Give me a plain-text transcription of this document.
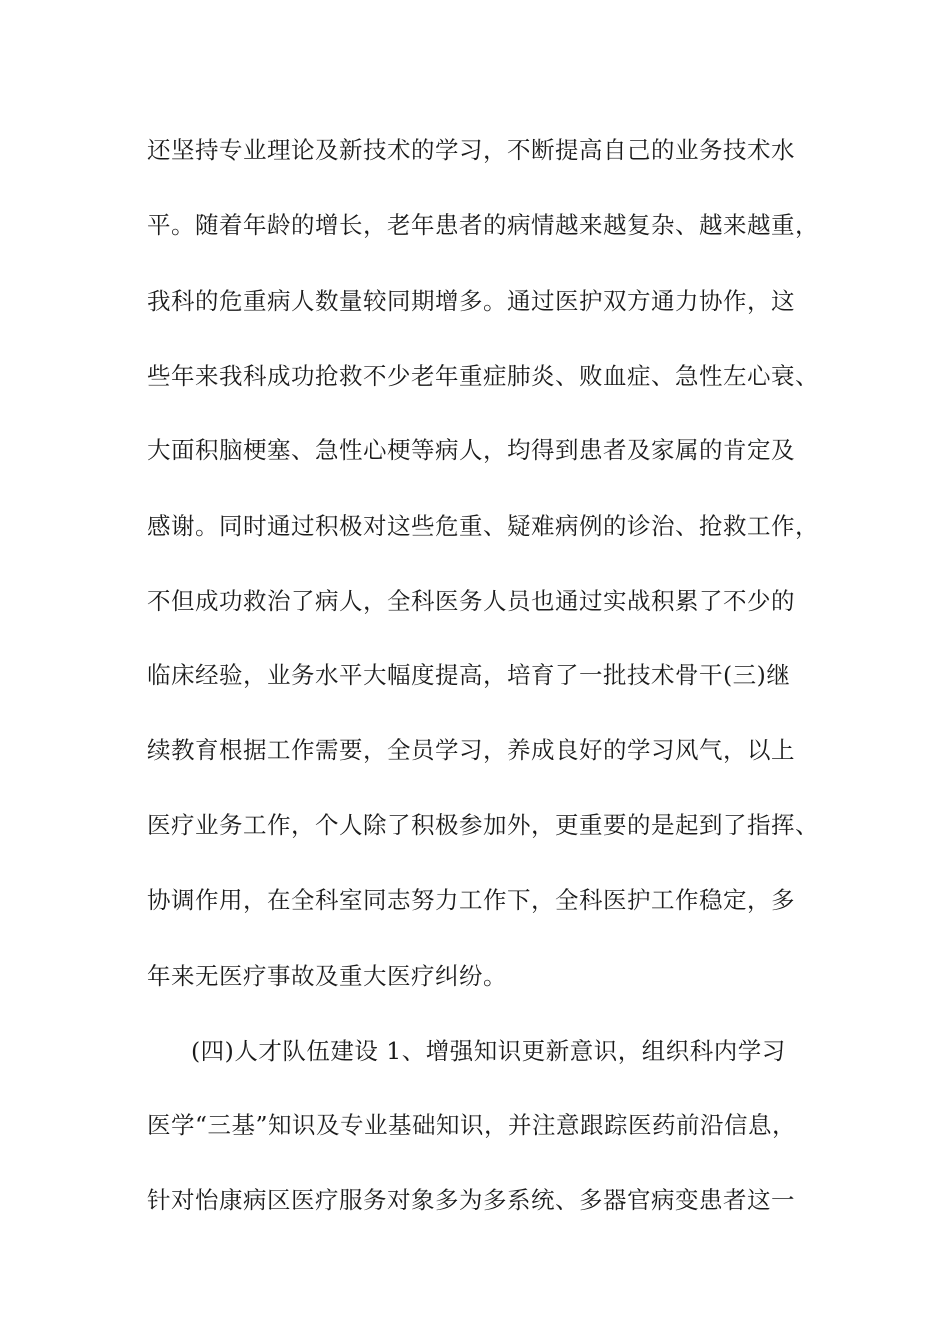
还坚持专业理论及新技术的学习，不断提高自己的业务技术水
平。随着年龄的增长，老年患者的病情越来越复杂、越来越重，
我科的危重病人数量较同期增多。通过医护双方通力协作，这
些年来我科成功抢救不少老年重症肺炎、败血症、急性左心衰、
大面积脑梗塞、急性心梗等病人，均得到患者及家属的肯定及
感谢。同时通过积极对这些危重、疑难病例的诊治、抢救工作，
不但成功救治了病人，全科医务人员也通过实战积累了不少的
临床经验，业务水平大幅度提高，培育了一批技术骨干(三)继
续教育根据工作需要，全员学习，养成良好的学习风气，以上
医疗业务工作，个人除了积极参加外，更重要的是起到了指挥、
协调作用，在全科室同志努力工作下，全科医护工作稳定，多
年来无医疗事故及重大医疗纠纷。
(四)人才队伍建设 1、增强知识更新意识，组织科内学习
医学“三基”知识及专业基础知识，并注意跟踪医药前沿信息，
针对怡康病区医疗服务对象多为多系统、多器官病变患者这一
